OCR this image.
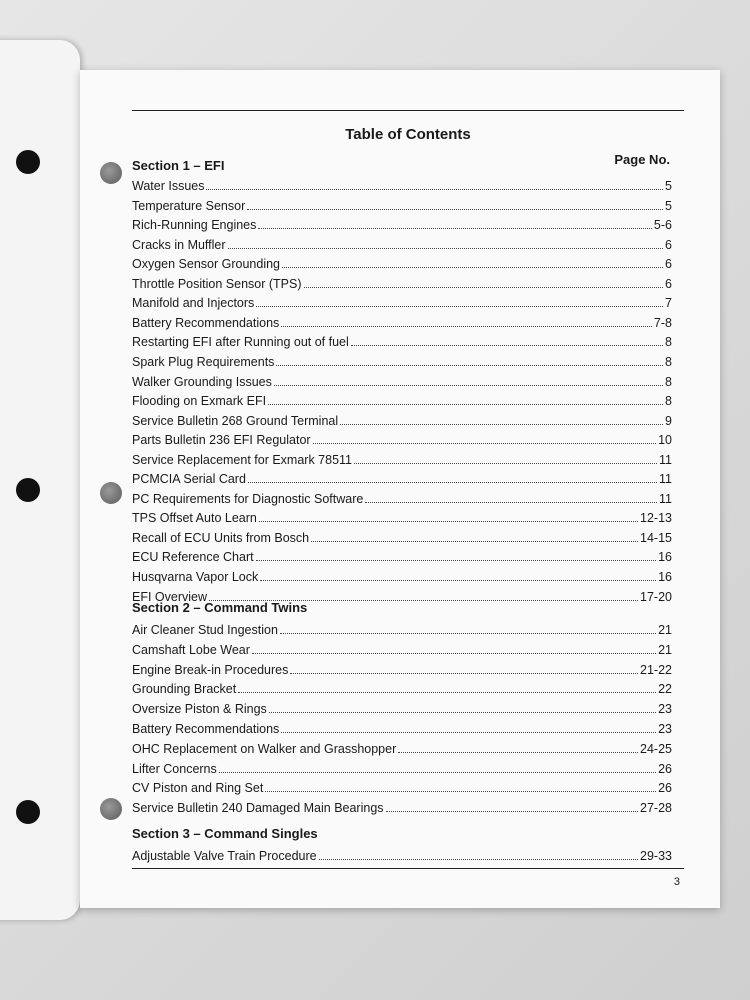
Table of Contents
Page No.
Section 1 – EFI
Water Issues	5
Temperature Sensor	5
Rich-Running Engines	5-6
Cracks in Muffler	6
Oxygen Sensor Grounding	6
Throttle Position Sensor (TPS)	6
Manifold and Injectors	7
Battery Recommendations	7-8
Restarting EFI after Running out of fuel	8
Spark Plug Requirements	8
Walker Grounding Issues	8
Flooding on Exmark EFI	8
Service Bulletin 268 Ground Terminal	9
Parts Bulletin 236 EFI Regulator	10
Service Replacement for Exmark 78511	11
PCMCIA Serial Card	11
PC Requirements for Diagnostic Software	11
TPS Offset Auto Learn	12-13
Recall of ECU Units from Bosch	14-15
ECU Reference Chart	16
Husqvarna Vapor Lock	16
EFI Overview	17-20
Section 2 – Command Twins
Air Cleaner Stud Ingestion	21
Camshaft Lobe Wear	21
Engine Break-in Procedures	21-22
Grounding Bracket	22
Oversize Piston & Rings	23
Battery Recommendations	23
OHC Replacement on Walker and Grasshopper	24-25
Lifter Concerns	26
CV Piston and Ring Set	26
Service Bulletin 240 Damaged Main Bearings	27-28
Section 3 – Command Singles
Adjustable Valve Train Procedure	29-33
3
